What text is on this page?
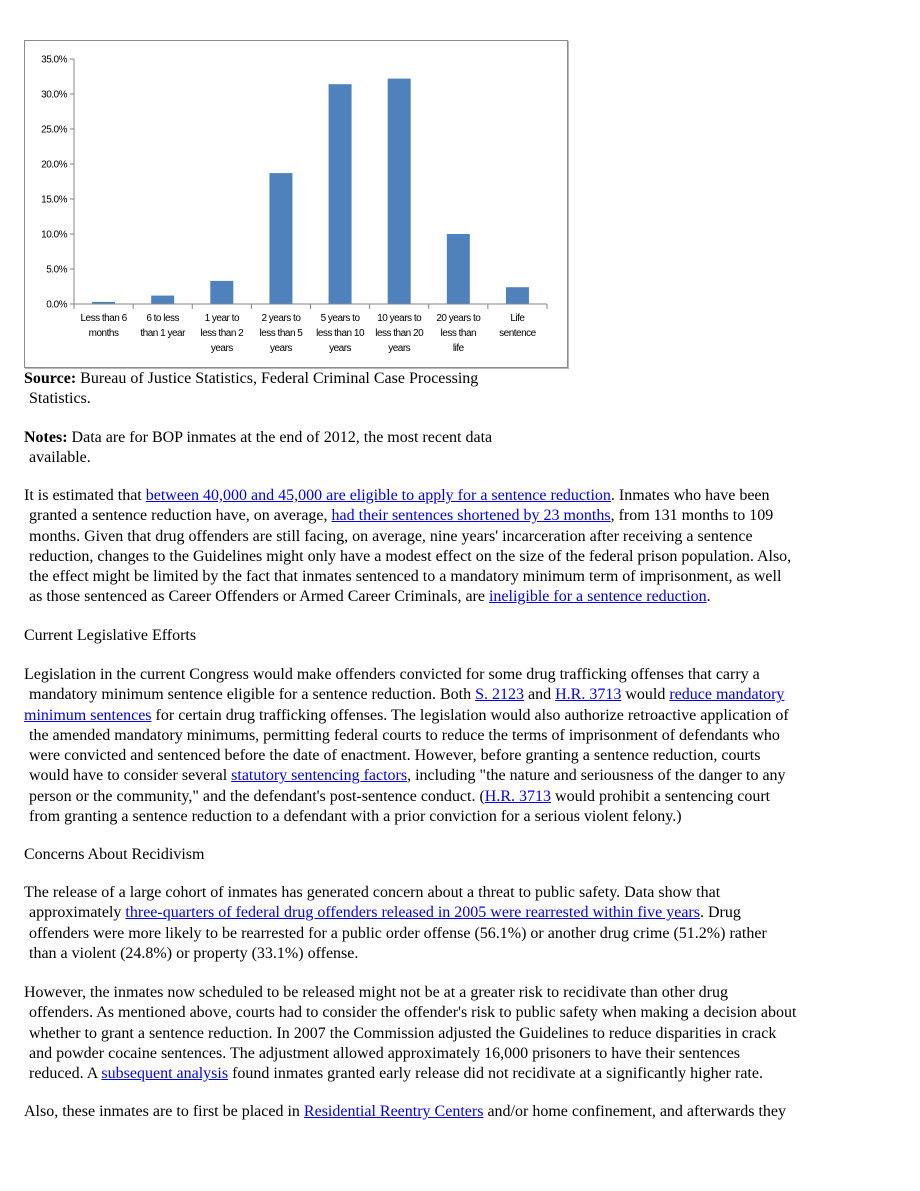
0.0%
5.0%
10.0%
15.0%
20.0%
25.0%
30.0%
35.0%
Less than 6 months
6 to less than 1 year
1 year to less than 2 years
2 years to less than 5 years
5 years to less than 10 years
10 years to less than 20 years
20 years to less than life
Life sentence

Source: Bureau of Justice Statistics, Federal Criminal Case Processing

Statistics.

Notes: Data are for BOP inmates at the end of 2012, the most recent data

available.

It is estimated that between 40,000 and 45,000 are eligible to apply for a sentence reduction. Inmates who have been

granted a sentence reduction have, on average, had their sentences shortened by 23 months, from 131 months to 109

months. Given that drug offenders are still facing, on average, nine years' incarceration after receiving a sentence

reduction, changes to the Guidelines might only have a modest effect on the size of the federal prison population. Also,

the effect might be limited by the fact that inmates sentenced to a mandatory minimum term of imprisonment, as well

as those sentenced as Career Offenders or Armed Career Criminals, are ineligible for a sentence reduction.

Current Legislative Efforts

Legislation in the current Congress would make offenders convicted for some drug trafficking offenses that carry a

mandatory minimum sentence eligible for a sentence reduction. Both S. 2123 and H.R. 3713 would reduce mandatory

minimum sentences for certain drug trafficking offenses. The legislation would also authorize retroactive application of

the amended mandatory minimums, permitting federal courts to reduce the terms of imprisonment of defendants who

were convicted and sentenced before the date of enactment. However, before granting a sentence reduction, courts

would have to consider several statutory sentencing factors, including "the nature and seriousness of the danger to any

person or the community," and the defendant's post-sentence conduct. (H.R. 3713 would prohibit a sentencing court

from granting a sentence reduction to a defendant with a prior conviction for a serious violent felony.)

Concerns About Recidivism

The release of a large cohort of inmates has generated concern about a threat to public safety. Data show that

approximately three-quarters of federal drug offenders released in 2005 were rearrested within five years. Drug

offenders were more likely to be rearrested for a public order offense (56.1%) or another drug crime (51.2%) rather

than a violent (24.8%) or property (33.1%) offense.

However, the inmates now scheduled to be released might not be at a greater risk to recidivate than other drug

offenders. As mentioned above, courts had to consider the offender's risk to public safety when making a decision about

whether to grant a sentence reduction. In 2007 the Commission adjusted the Guidelines to reduce disparities in crack

and powder cocaine sentences. The adjustment allowed approximately 16,000 prisoners to have their sentences

reduced. A subsequent analysis found inmates granted early release did not recidivate at a significantly higher rate.

Also, these inmates are to first be placed in Residential Reentry Centers and/or home confinement, and afterwards they
